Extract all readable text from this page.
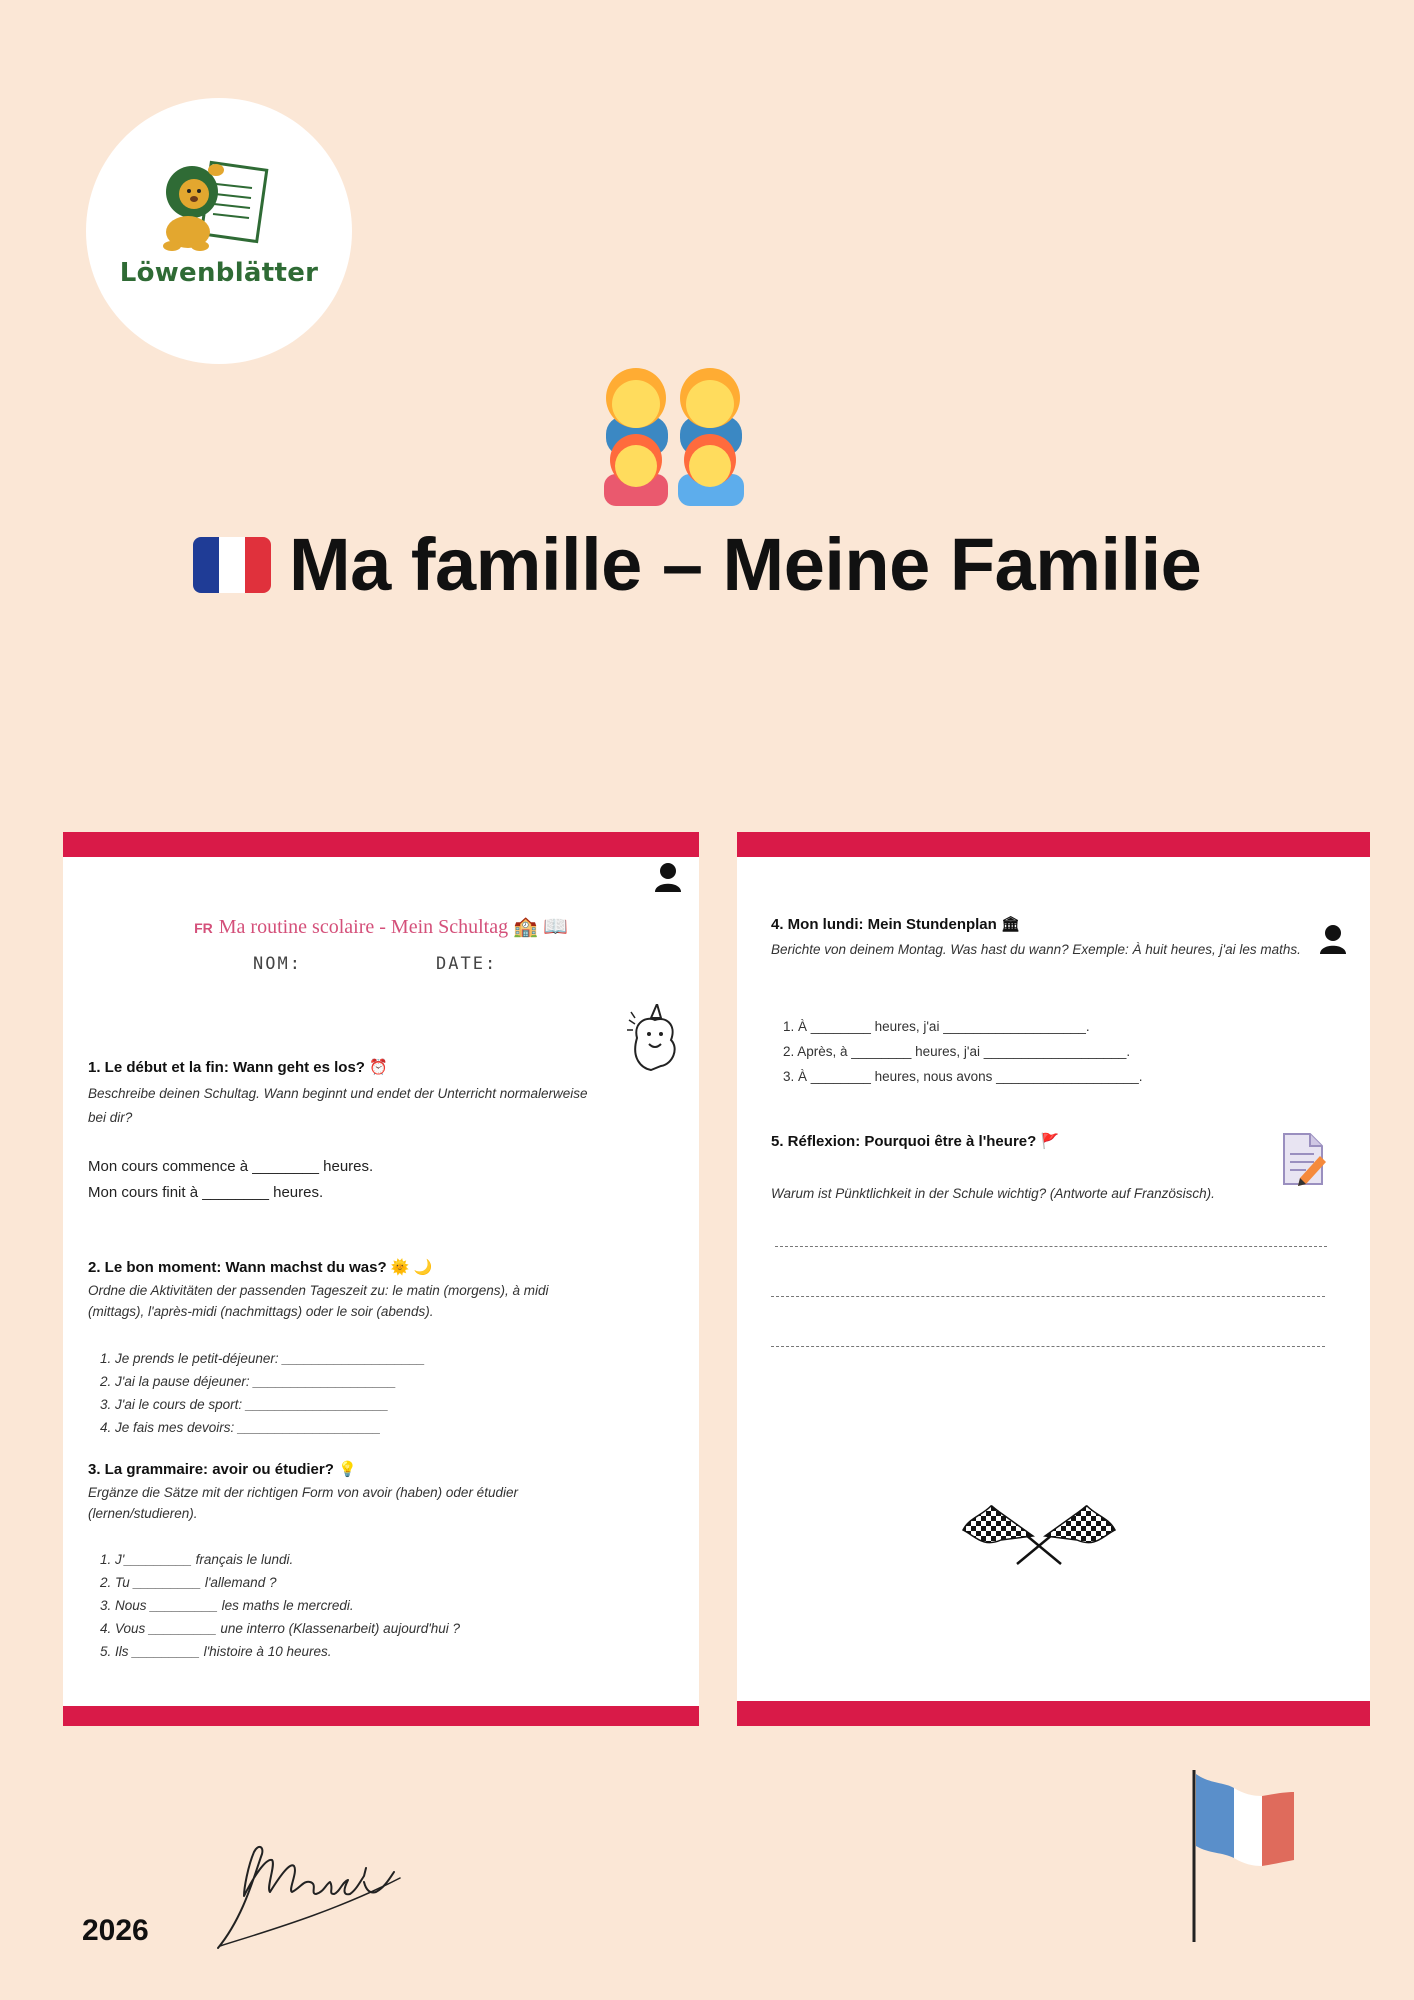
Löwenblätter
Ma famille – Meine Familie
FR Ma routine scolaire - Mein Schultag 🏫 📖
NOM:	DATE:
1. Le début et la fin: Wann geht es los? ⏰
Beschreibe deinen Schultag. Wann beginnt und endet der Unterricht normalerweise bei dir?
Mon cours commence à ________ heures.
Mon cours finit à ________ heures.
2. Le bon moment: Wann machst du was? 🌞 🌙
Ordne die Aktivitäten der passenden Tageszeit zu: le matin (morgens), à midi (mittags), l'après-midi (nachmittags) oder le soir (abends).
1. Je prends le petit-déjeuner: ___________________
2. J'ai la pause déjeuner: ___________________
3. J'ai le cours de sport: ___________________
4. Je fais mes devoirs: ___________________
3. La grammaire: avoir ou étudier? 💡
Ergänze die Sätze mit der richtigen Form von avoir (haben) oder étudier (lernen/studieren).
1. J'_________ français le lundi.
2. Tu _________ l'allemand ?
3. Nous _________ les maths le mercredi.
4. Vous _________ une interro (Klassenarbeit) aujourd'hui ?
5. Ils _________ l'histoire à 10 heures.
4. Mon lundi: Mein Stundenplan 🏛
Berichte von deinem Montag. Was hast du wann? Exemple: À huit heures, j'ai les maths.
1. À ________ heures, j'ai ___________________.
2. Après, à ________ heures, j'ai ___________________.
3. À ________ heures, nous avons ___________________.
5. Réflexion: Pourquoi être à l'heure? 🚩
Warum ist Pünktlichkeit in der Schule wichtig? (Antworte auf Französisch).
2026
